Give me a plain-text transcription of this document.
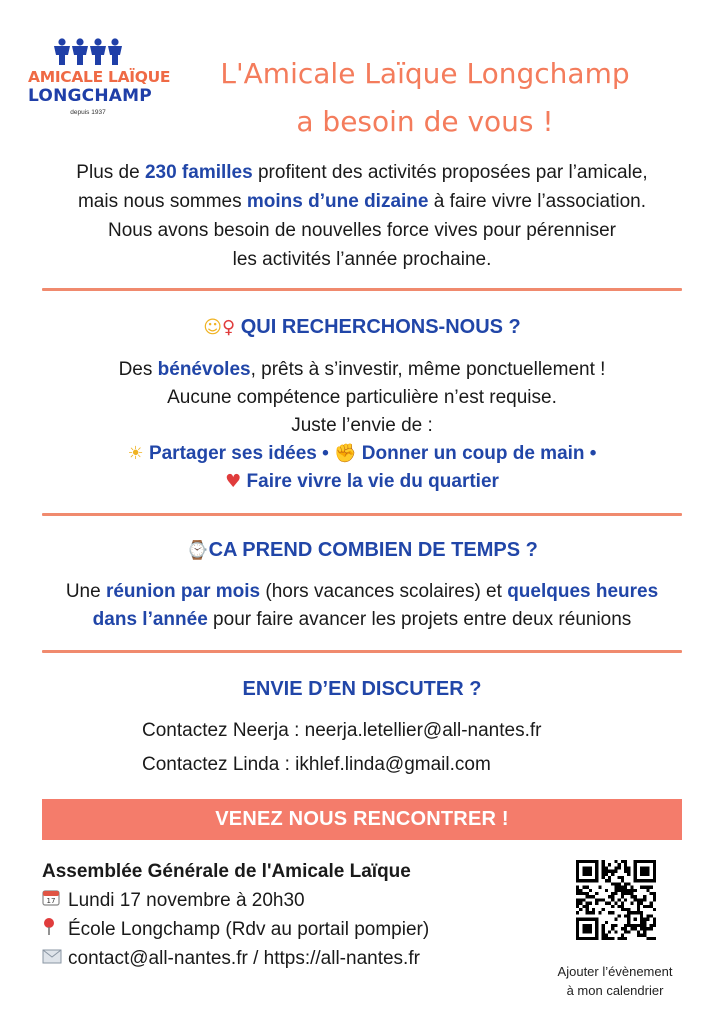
AMICALE LAÏQUE
LONGCHAMP
depuis 1937
L'Amicale Laïque Longchamp
a besoin de vous !
Plus de 230 familles profitent des activités proposées par l’amicale,
mais nous sommes moins d’une dizaine à faire vivre l’association.
Nous avons besoin de nouvelles force vives pour pérenniser
les activités l’année prochaine.
☺♀ QUI RECHERCHONS-NOUS ?
Des bénévoles, prêts à s’investir, même ponctuellement !
Aucune compétence particulière n’est requise.
Juste l’envie de :
☀ Partager ses idées • ✊ Donner un coup de main •
♥ Faire vivre la vie du quartier
⌚CA PREND COMBIEN DE TEMPS ?
Une réunion par mois (hors vacances scolaires) et quelques heures
dans l’année pour faire avancer les projets entre deux réunions
ENVIE D’EN DISCUTER ?
Contactez Neerja : neerja.letellier@all-nantes.fr
Contactez Linda : ikhlef.linda@gmail.com
VENEZ NOUS RENCONTRER !
Assemblée Générale de l'Amicale Laïque
17 Lundi 17 novembre à 20h30
École Longchamp (Rdv au portail pompier)
contact@all-nantes.fr / https://all-nantes.fr
Ajouter l’évènement
à mon calendrier
